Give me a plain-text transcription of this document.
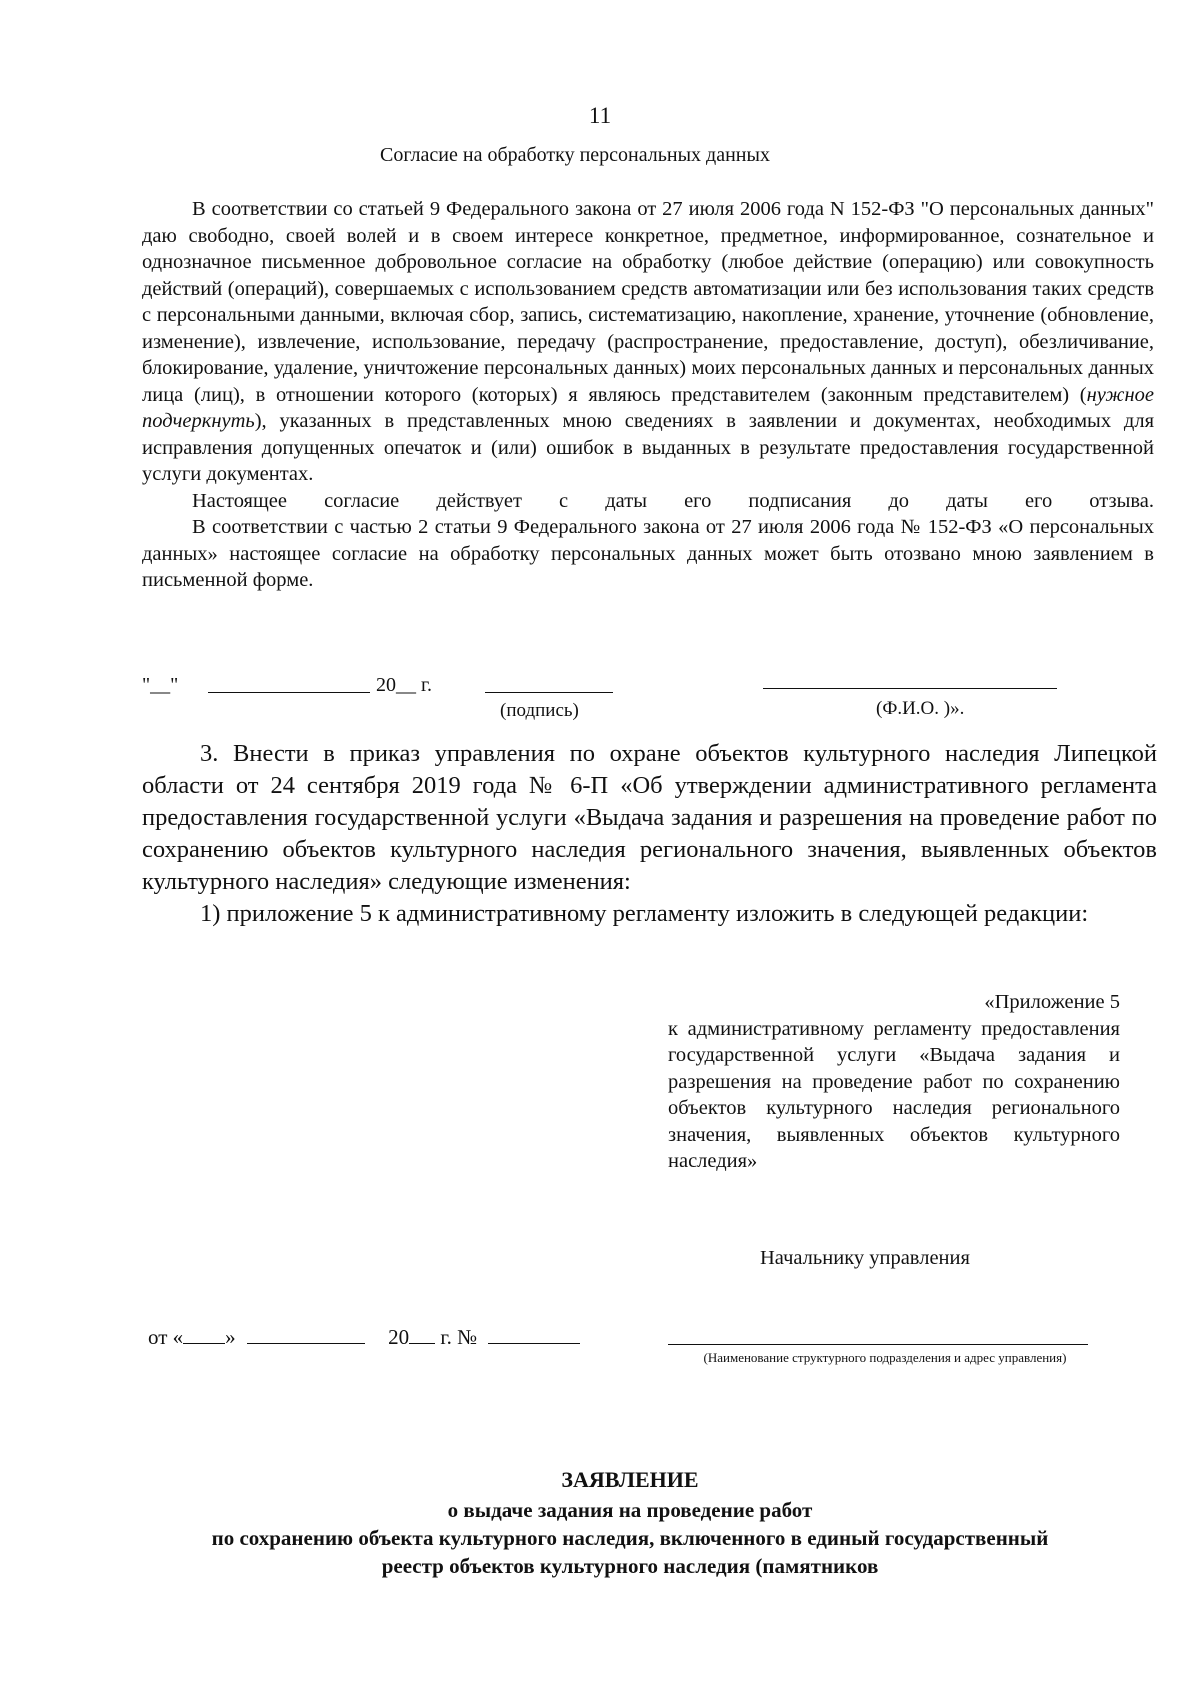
11
Согласие на обработку персональных данных

В соответствии со статьей 9 Федерального закона от 27 июля 2006 года N 152-ФЗ "О персональных данных" даю свободно, своей волей и в своем интересе конкретное, предметное, информированное, сознательное и однозначное письменное добровольное согласие на обработку (любое действие (операцию) или совокупность действий (операций), совершаемых с использованием средств автоматизации или без использования таких средств с персональными данными, включая сбор, запись, систематизацию, накопление, хранение, уточнение (обновление, изменение), извлечение, использование, передачу (распространение, предоставление, доступ), обезличивание, блокирование, удаление, уничтожение персональных данных) моих персональных данных и персональных данных лица (лиц), в отношении которого (которых) я являюсь представителем (законным представителем) (нужное подчеркнуть), указанных в представленных мною сведениях в заявлении и документах, необходимых для исправления допущенных опечаток и (или) ошибок в выданных в результате предоставления государственной услуги документах.

Настоящее согласие действует с даты его подписания до даты его отзыва.

В соответствии с частью 2 статьи 9 Федерального закона от 27 июля 2006 года № 152-ФЗ «О персональных данных» настоящее согласие на обработку персональных данных может быть отозвано мною заявлением в письменной форме.

"__"	20__ г.
(подпись)	(Ф.И.О. )».

3. Внести в приказ управления по охране объектов культурного наследия Липецкой области от 24 сентября 2019 года № 6-П «Об утверждении административного регламента предоставления государственной услуги «Выдача задания и разрешения на проведение работ по сохранению объектов культурного наследия регионального значения, выявленных объектов культурного наследия» следующие изменения:

1) приложение 5 к административному регламенту изложить в следующей редакции:

«Приложение 5
к административному регламенту предоставления государственной услуги «Выдача задания и разрешения на проведение работ по сохранению объектов культурного наследия регионального значения, выявленных объектов культурного наследия»
Начальнику управления
от « »	20 г. №
(Наименование структурного подразделения и адрес управления)
ЗАЯВЛЕНИЕ
о выдаче задания на проведение работ
по сохранению объекта культурного наследия, включенного в единый государственный
реестр объектов культурного наследия (памятников
